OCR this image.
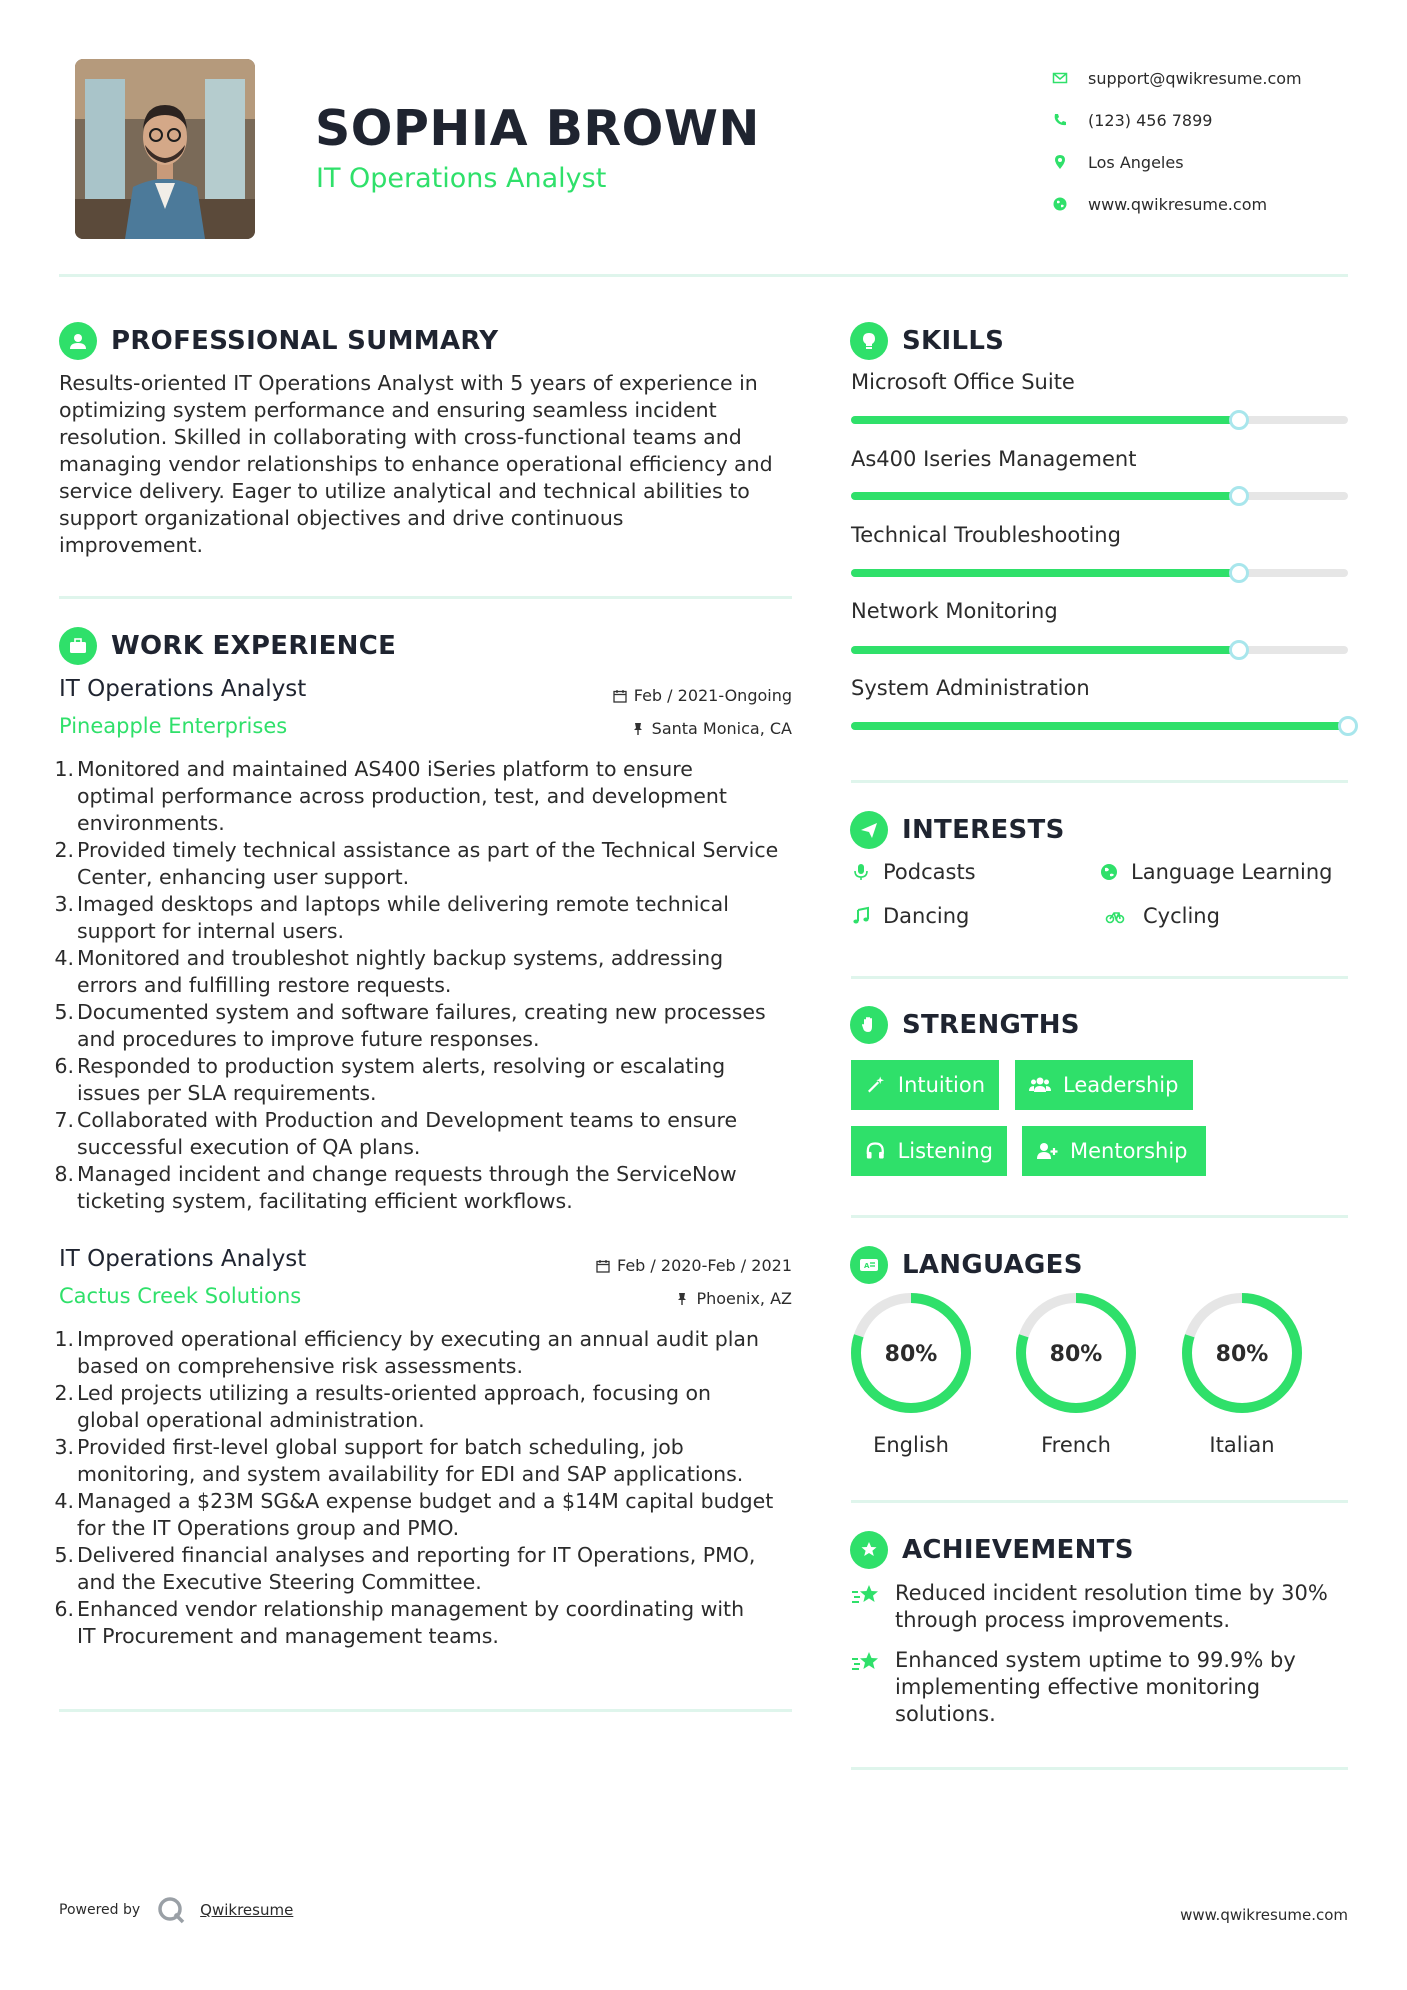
SOPHIA BROWN
IT Operations Analyst
support@qwikresume.com
(123) 456 7899
Los Angeles
www.qwikresume.com
PROFESSIONAL SUMMARY
Results-oriented IT Operations Analyst with 5 years of experience in
optimizing system performance and ensuring seamless incident
resolution. Skilled in collaborating with cross-functional teams and
managing vendor relationships to enhance operational efficiency and
service delivery. Eager to utilize analytical and technical abilities to
support organizational objectives and drive continuous
improvement.
WORK EXPERIENCE
IT Operations Analyst	Feb / 2021-Ongoing
Pineapple Enterprises	Santa Monica, CA
1. Monitored and maintained AS400 iSeries platform to ensure
optimal performance across production, test, and development
environments.
2. Provided timely technical assistance as part of the Technical Service
Center, enhancing user support.
3. Imaged desktops and laptops while delivering remote technical
support for internal users.
4. Monitored and troubleshot nightly backup systems, addressing
errors and fulfilling restore requests.
5. Documented system and software failures, creating new processes
and procedures to improve future responses.
6. Responded to production system alerts, resolving or escalating
issues per SLA requirements.
7. Collaborated with Production and Development teams to ensure
successful execution of QA plans.
8. Managed incident and change requests through the ServiceNow
ticketing system, facilitating efficient workflows.
IT Operations Analyst	Feb / 2020-Feb / 2021
Cactus Creek Solutions	Phoenix, AZ
1. Improved operational efficiency by executing an annual audit plan
based on comprehensive risk assessments.
2. Led projects utilizing a results-oriented approach, focusing on
global operational administration.
3. Provided first-level global support for batch scheduling, job
monitoring, and system availability for EDI and SAP applications.
4. Managed a $23M SG&A expense budget and a $14M capital budget
for the IT Operations group and PMO.
5. Delivered financial analyses and reporting for IT Operations, PMO,
and the Executive Steering Committee.
6. Enhanced vendor relationship management by coordinating with
IT Procurement and management teams.
SKILLS
Microsoft Office Suite
As400 Iseries Management
Technical Troubleshooting
Network Monitoring
System Administration
INTERESTS
Podcasts	Language Learning
Dancing	Cycling
STRENGTHS
Intuition	Leadership
Listening	Mentorship
A LANGUAGES
80%
English
80%
French
80%
Italian
ACHIEVEMENTS
Reduced incident resolution time by 30%
through process improvements.
Enhanced system uptime to 99.9% by
implementing effective monitoring
solutions.
Powered by	Qwikresume	www.qwikresume.com
